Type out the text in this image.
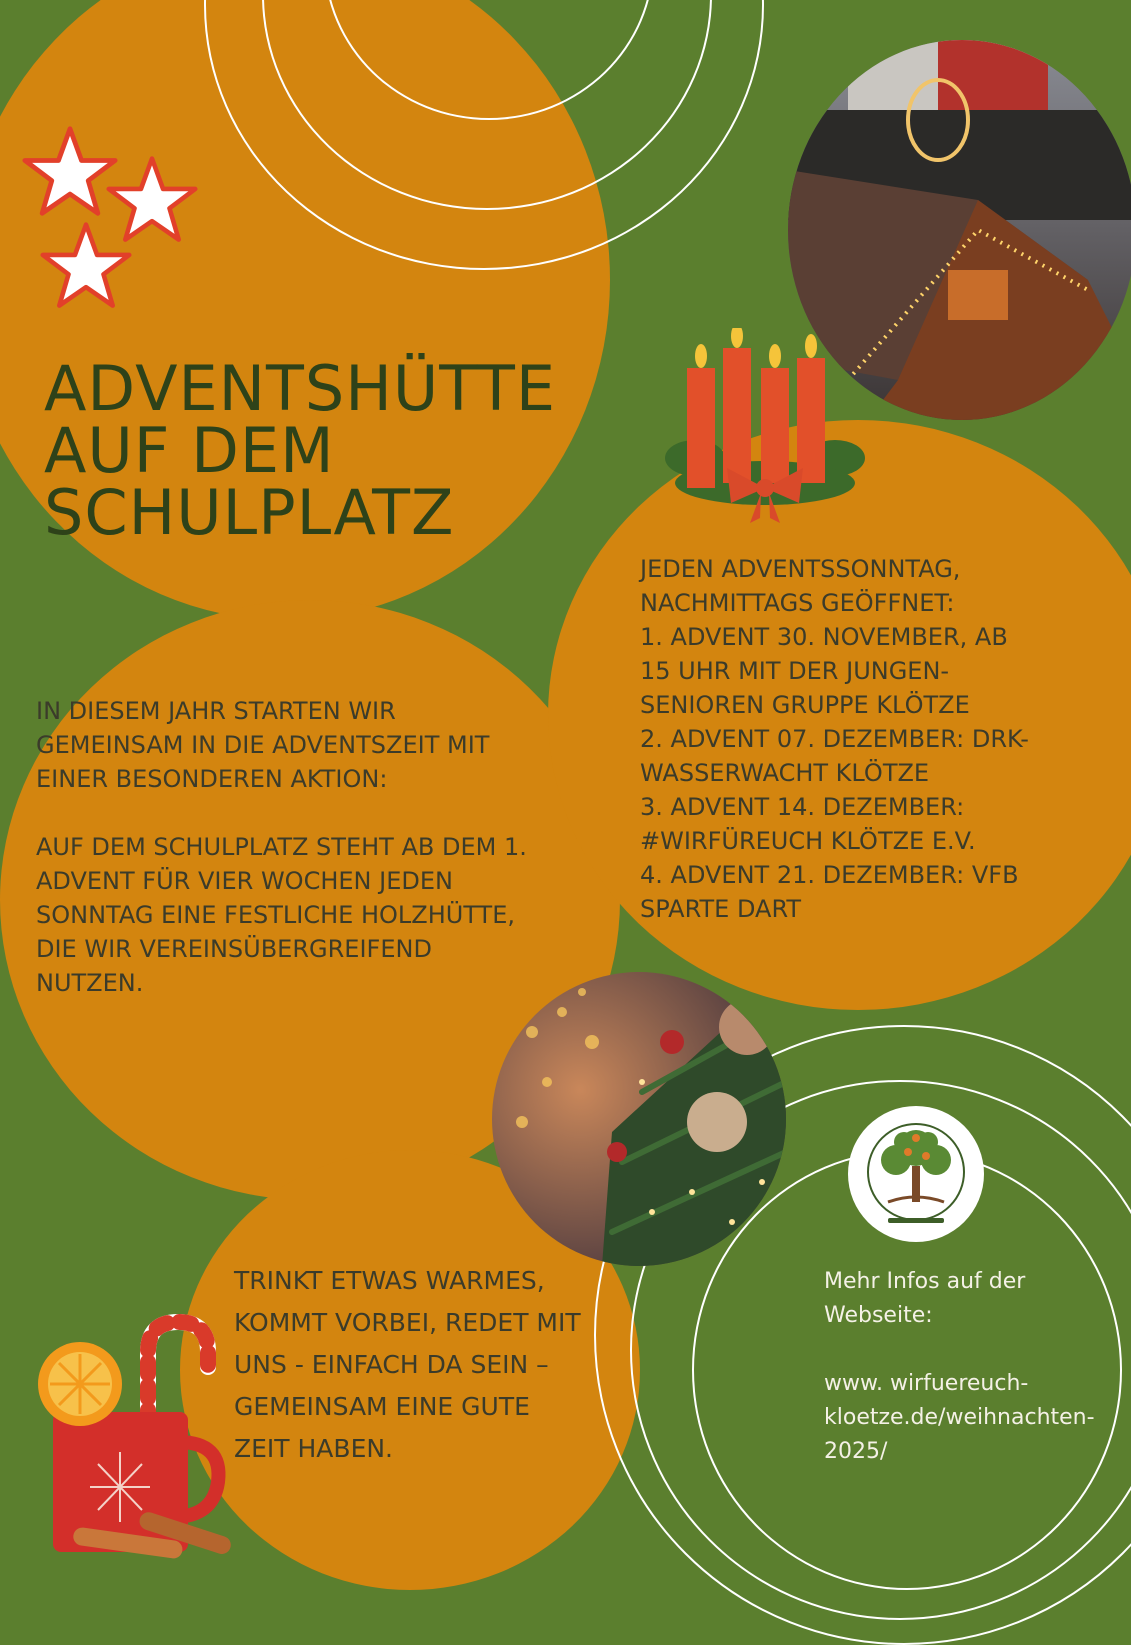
ADVENTSHÜTTE
AUF DEM
SCHULPLATZ

JEDEN ADVENTSSONNTAG, NACHMITTAGS GEÖFFNET:

1. ADVENT 30. NOVEMBER, AB 15 UHR MIT DER JUNGEN-SENIOREN GRUPPE KLÖTZE

2. ADVENT 07. DEZEMBER: DRK-WASSERWACHT KLÖTZE

3. ADVENT 14. DEZEMBER: #WIRFÜREUCH KLÖTZE E.V.

4. ADVENT 21. DEZEMBER: VFB SPARTE DART

IN DIESEM JAHR STARTEN WIR GEMEINSAM IN DIE ADVENTSZEIT MIT EINER BESONDEREN AKTION:

AUF DEM SCHULPLATZ STEHT AB DEM 1. ADVENT FÜR VIER WOCHEN JEDEN SONNTAG EINE FESTLICHE HOLZHÜTTE, DIE WIR VEREINSÜBERGREIFEND NUTZEN.

Mehr Infos auf der Webseite:

www. wirfuereuch-kloetze.de/weihnachten-2025/

TRINKT ETWAS WARMES, KOMMT VORBEI, REDET MIT UNS - EINFACH DA SEIN – GEMEINSAM EINE GUTE ZEIT HABEN.
